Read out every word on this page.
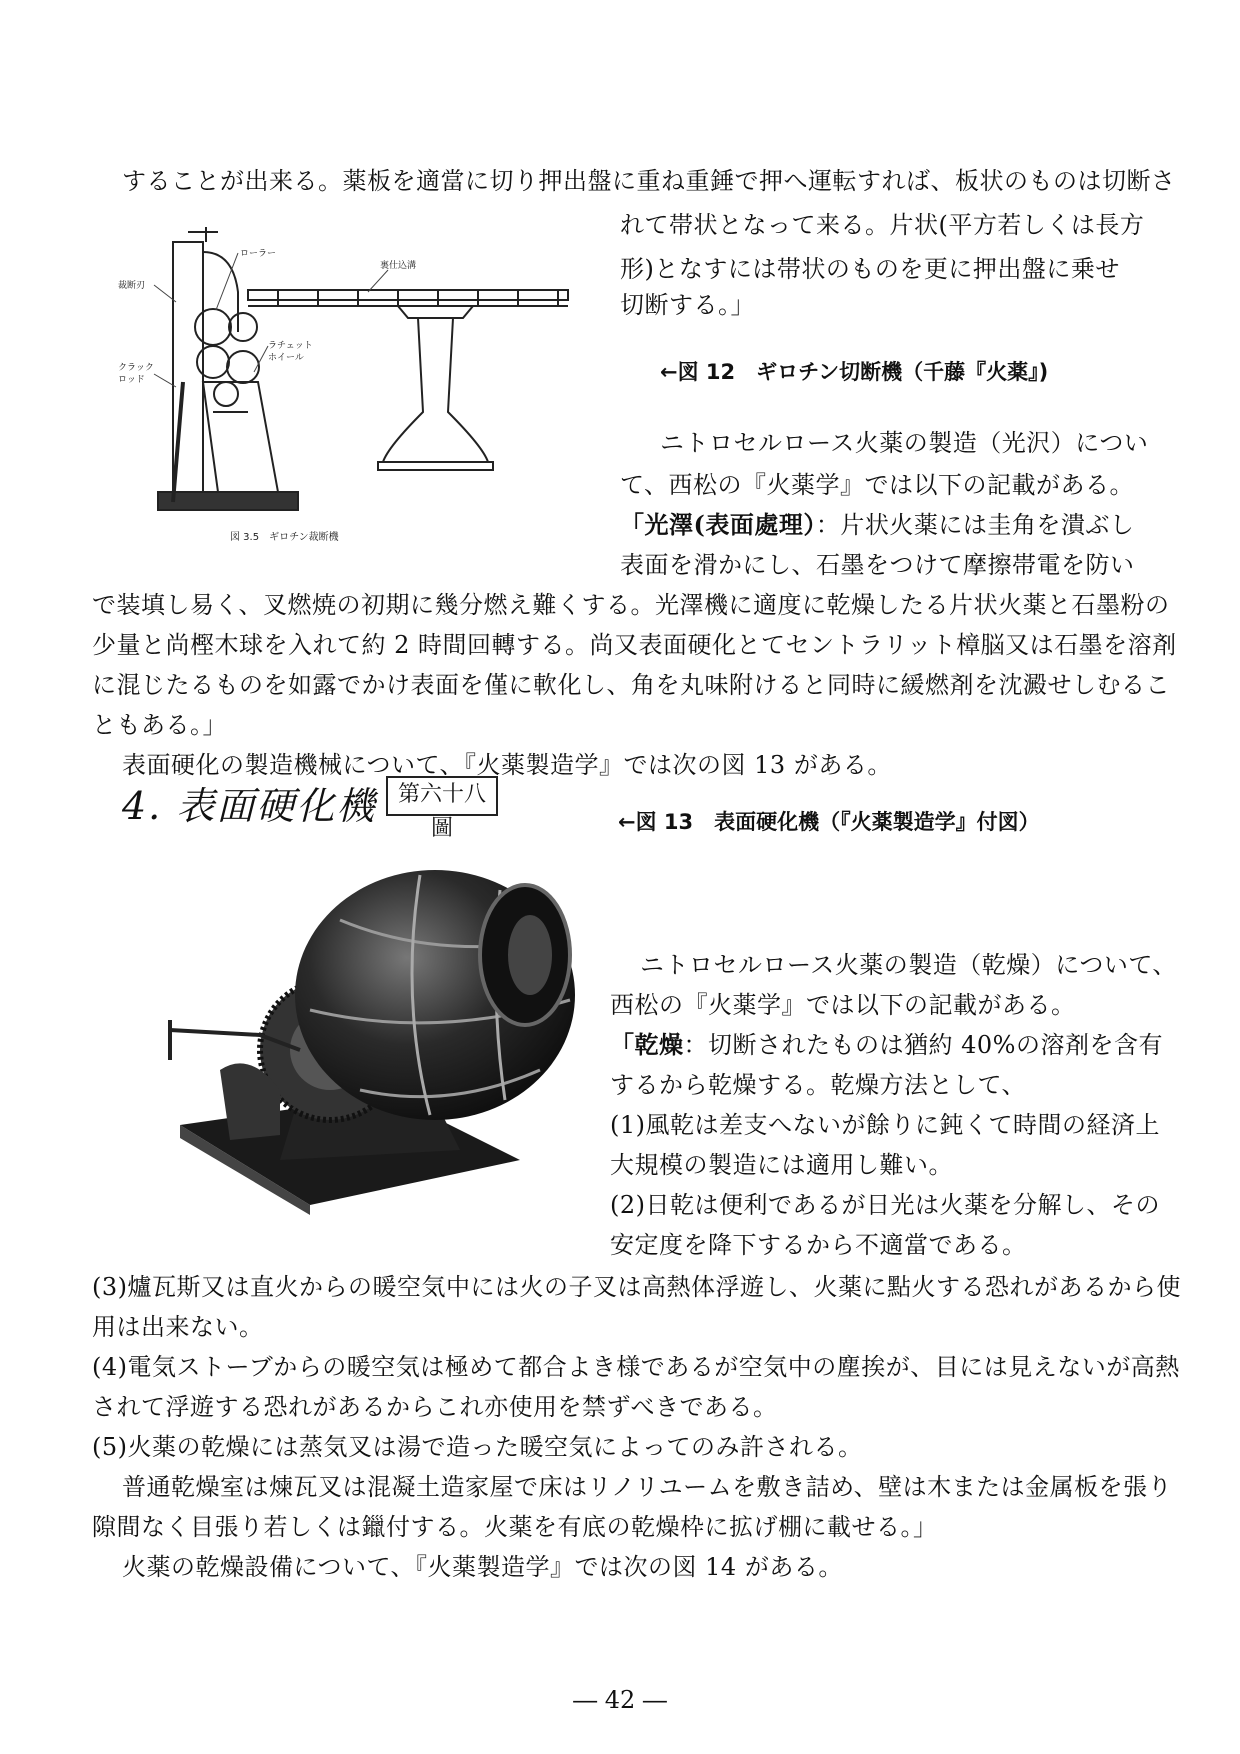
することが出来る。薬板を適當に切り押出盤に重ね重錘で押へ運転すれば、板状のものは切断さ
れて帯状となって来る。片状(平方若しくは長方
形)となすには帯状のものを更に押出盤に乗せ
切断する。」
ローラー
裏仕込溝
裁断刃
ラチェット
ホイール
クラック
ロッド
図 3.5　ギロチン裁断機
←図 12　ギロチン切断機（千藤『火薬』)
ニトロセルロース火薬の製造（光沢）につい
て、西松の『火薬学』では以下の記載がある。
「光澤(表面處理）：片状火薬には圭角を潰ぶし
表面を滑かにし、石墨をつけて摩擦帯電を防い
で装填し易く、叉燃焼の初期に幾分燃え難くする。光澤機に適度に乾燥したる片状火薬と石墨粉の
少量と尚樫木球を入れて約 2 時間回轉する。尚又表面硬化とてセントラリット樟脳又は石墨を溶剤
に混じたるものを如露でかけ表面を僅に軟化し、角を丸味附けると同時に緩燃剤を沈澱せしむるこ
ともある。」
表面硬化の製造機械について、『火薬製造学』では次の図 13 がある。
4. 表面硬化機 第六十八圖	←図 13　表面硬化機（『火薬製造学』付図）
ニトロセルロース火薬の製造（乾燥）について、
西松の『火薬学』では以下の記載がある。
「乾燥：切断されたものは猶約 40%の溶剤を含有
するから乾燥する。乾燥方法として、
(1)風乾は差支へないが餘りに鈍くて時間の経済上
大規模の製造には適用し難い。
(2)日乾は便利であるが日光は火薬を分解し、その
安定度を降下するから不適當である。
(3)爐瓦斯又は直火からの暖空気中には火の子叉は高熱体浮遊し、火薬に點火する恐れがあるから使
用は出来ない。
(4)電気ストーブからの暖空気は極めて都合よき様であるが空気中の塵挨が、目には見えないが高熱
されて浮遊する恐れがあるからこれ亦使用を禁ずべきである。
(5)火薬の乾燥には蒸気叉は湯で造った暖空気によってのみ許される。
普通乾燥室は煉瓦叉は混凝土造家屋で床はリノリユームを敷き詰め、壁は木または金属板を張り
隙間なく目張り若しくは鑞付する。火薬を有底の乾燥枠に拡げ棚に載せる。」
火薬の乾燥設備について、『火薬製造学』では次の図 14 がある。
― 42 ―
